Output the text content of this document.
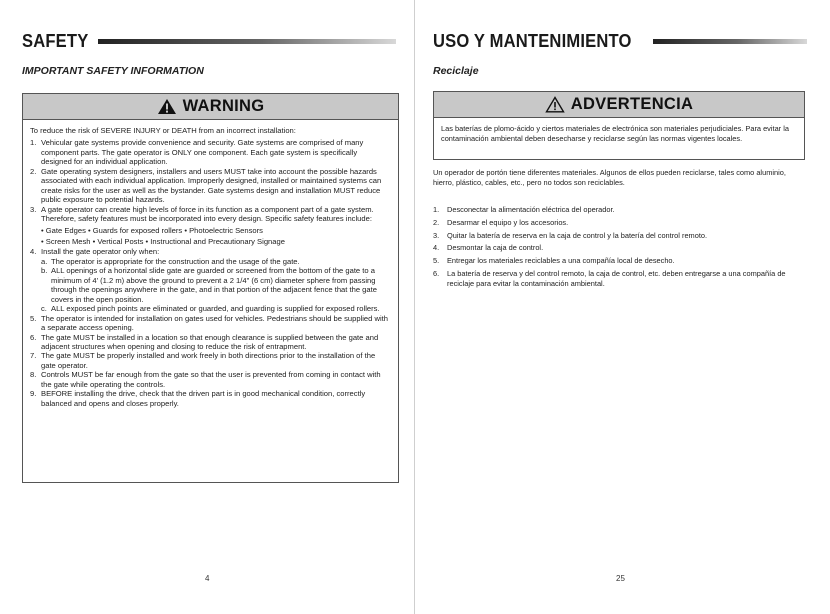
SAFETY
IMPORTANT SAFETY INFORMATION
WARNING

To reduce the risk of SEVERE INJURY or DEATH from an incorrect installation:

1. Vehicular gate systems provide convenience and security. Gate systems are comprised of many component parts. The gate operator is ONLY one component. Each gate system is specifically designed for an individual application.
2. Gate operating system designers, installers and users MUST take into account the possible hazards associated with each individual application. Improperly designed, installed or maintained systems can create risks for the user as well as the bystander. Gate systems design and installation MUST reduce public exposure to potential hazards.
3. A gate operator can create high levels of force in its function as a component part of a gate system. Therefore, safety features must be incorporated into every design. Specific safety features include:
• Gate Edges • Guards for exposed rollers • Photoelectric Sensors
• Screen Mesh • Vertical Posts • Instructional and Precautionary Signage
4. Install the gate operator only when:
a. The operator is appropriate for the construction and the usage of the gate.
b. ALL openings of a horizontal slide gate are guarded or screened from the bottom of the gate to a minimum of 4' (1.2 m) above the ground to prevent a 2 1/4" (6 cm) diameter sphere from passing through the openings anywhere in the gate, and in that portion of the adjacent fence that the gate covers in the open position.
c. ALL exposed pinch points are eliminated or guarded, and guarding is supplied for exposed rollers.
5. The operator is intended for installation on gates used for vehicles. Pedestrians should be supplied with a separate access opening.
6. The gate MUST be installed in a location so that enough clearance is supplied between the gate and adjacent structures when opening and closing to reduce the risk of entrapment.
7. The gate MUST be properly installed and work freely in both directions prior to the installation of the gate operator.
8. Controls MUST be far enough from the gate so that the user is prevented from coming in contact with the gate while operating the controls.
9. BEFORE installing the drive, check that the driven part is in good mechanical condition, correctly balanced and opens and closes properly.
4
USO Y MANTENIMIENTO
Reciclaje
ADVERTENCIA
Las baterías de plomo-ácido y ciertos materiales de electrónica son materiales perjudiciales. Para evitar la contaminación ambiental deben desecharse y reciclarse según las normas vigentes locales.
Un operador de portón tiene diferentes materiales. Algunos de ellos pueden reciclarse, tales como aluminio, hierro, plástico, cables, etc., pero no todos son reciclables.
1.	Desconectar la alimentación eléctrica del operador.
2.	Desarmar el equipo y los accesorios.
3.	Quitar la batería de reserva en la caja de control y la batería del control remoto.
4.	Desmontar la caja de control.
5.	Entregar los materiales reciclables a una compañía local de desecho.
6.	La batería de reserva y del control remoto, la caja de control, etc. deben entregarse a una compañía de reciclaje para evitar la contaminación ambiental.
25
